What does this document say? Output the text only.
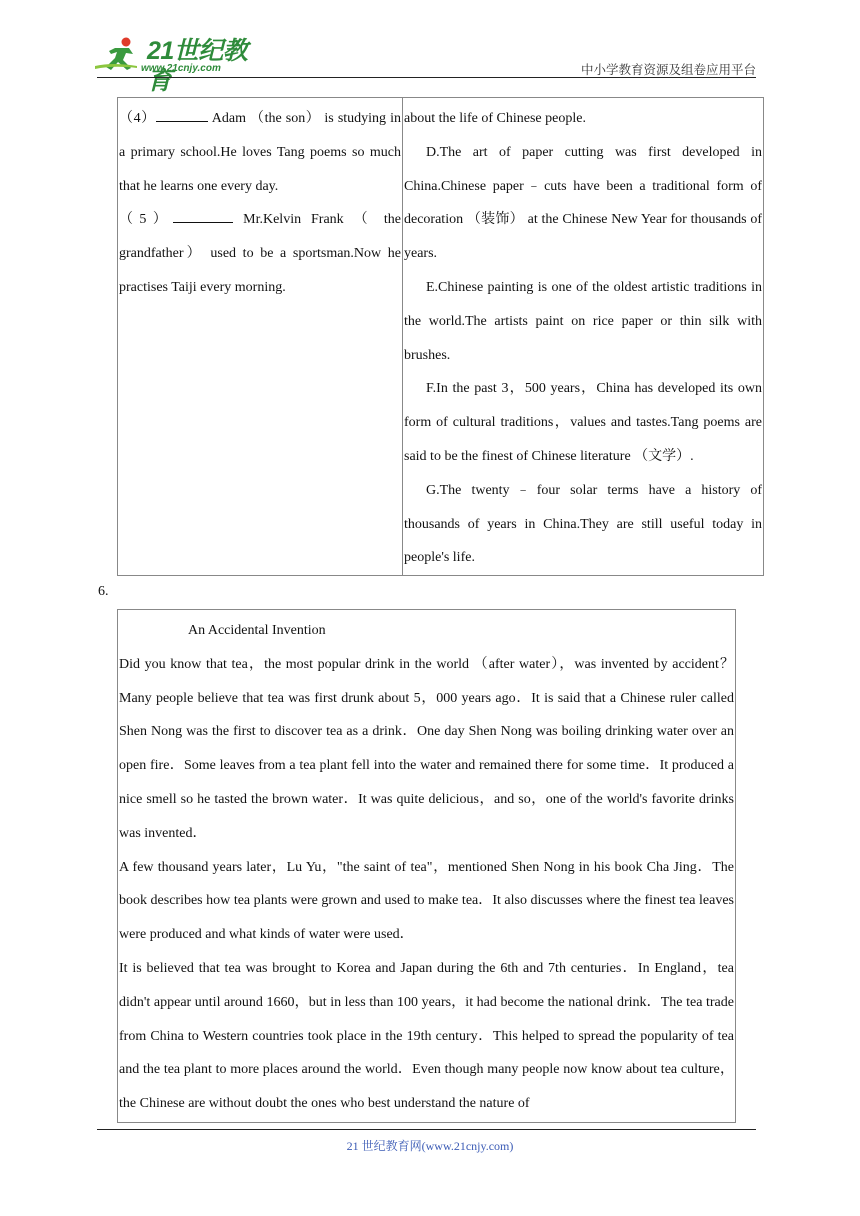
21世纪教育
www.21cnjy.com	中小学教育资源及组卷应用平台

（4）	Adam （the son） is studying in a primary school.He loves Tang poems so much that he learns one every day.

（5）	Mr.Kelvin Frank （ the grandfather） used to be a sportsman.Now he practises Taiji every morning.

about the life of Chinese people.

D.The art of paper cutting was first developed in China.Chinese paper﹣cuts have been a traditional form of decoration （装饰） at the Chinese New Year for thousands of years.

E.Chinese painting is one of the oldest artistic traditions in the world.The artists paint on rice paper or thin silk with brushes.

F.In the past 3，500 years，China has developed its own form of cultural traditions，values and tastes.Tang poems are said to be the finest of Chinese literature （文学）.

G.The twenty﹣four solar terms have a history of thousands of years in China.They are still useful today in people's life.

6.

An Accidental Invention

Did you know that tea，the most popular drink in the world （after water），was invented by accident？Many people believe that tea was first drunk about 5，000 years ago．It is said that a Chinese ruler called Shen Nong was the first to discover tea as a drink．One day Shen Nong was boiling drinking water over an open fire．Some leaves from a tea plant fell into the water and remained there for some time．It produced a nice smell so he tasted the brown water．It was quite delicious，and so，one of the world's favorite drinks was invented．

A few thousand years later，Lu Yu，"the saint of tea"，mentioned Shen Nong in his book Cha Jing．The book describes how tea plants were grown and used to make tea．It also discusses where the finest tea leaves were produced and what kinds of water were used．

It is believed that tea was brought to Korea and Japan during the 6th and 7th centuries．In England，tea didn't appear until around 1660，but in less than 100 years，it had become the national drink．The tea trade from China to Western countries took place in the 19th century．This helped to spread the popularity of tea and the tea plant to more places around the world．Even though many people now know about tea culture，the Chinese are without doubt the ones who best understand the nature of

21 世纪教育网(www.21cnjy.com)
